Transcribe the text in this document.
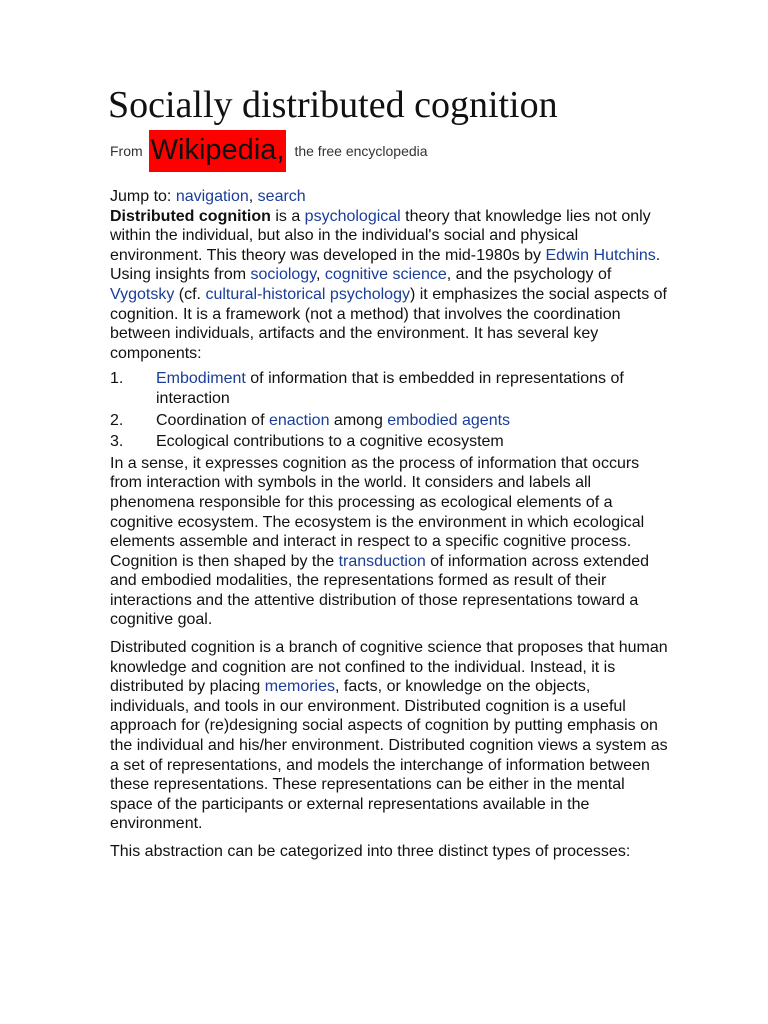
Socially distributed cognition
From Wikipedia, the free encyclopedia

Jump to: navigation, search

Distributed cognition is a psychological theory that knowledge lies not only within the individual, but also in the individual's social and physical environment. This theory was developed in the mid-1980s by Edwin Hutchins. Using insights from sociology, cognitive science, and the psychology of Vygotsky (cf. cultural-historical psychology) it emphasizes the social aspects of cognition. It is a framework (not a method) that involves the coordination between individuals, artifacts and the environment. It has several key components:

1.	Embodiment of information that is embedded in representations of interaction
2.	Coordination of enaction among embodied agents
3.	Ecological contributions to a cognitive ecosystem

In a sense, it expresses cognition as the process of information that occurs from interaction with symbols in the world. It considers and labels all phenomena responsible for this processing as ecological elements of a cognitive ecosystem. The ecosystem is the environment in which ecological elements assemble and interact in respect to a specific cognitive process. Cognition is then shaped by the transduction of information across extended and embodied modalities, the representations formed as result of their interactions and the attentive distribution of those representations toward a cognitive goal.

Distributed cognition is a branch of cognitive science that proposes that human knowledge and cognition are not confined to the individual. Instead, it is distributed by placing memories, facts, or knowledge on the objects, individuals, and tools in our environment. Distributed cognition is a useful approach for (re)designing social aspects of cognition by putting emphasis on the individual and his/her environment. Distributed cognition views a system as a set of representations, and models the interchange of information between these representations. These representations can be either in the mental space of the participants or external representations available in the environment.

This abstraction can be categorized into three distinct types of processes:
